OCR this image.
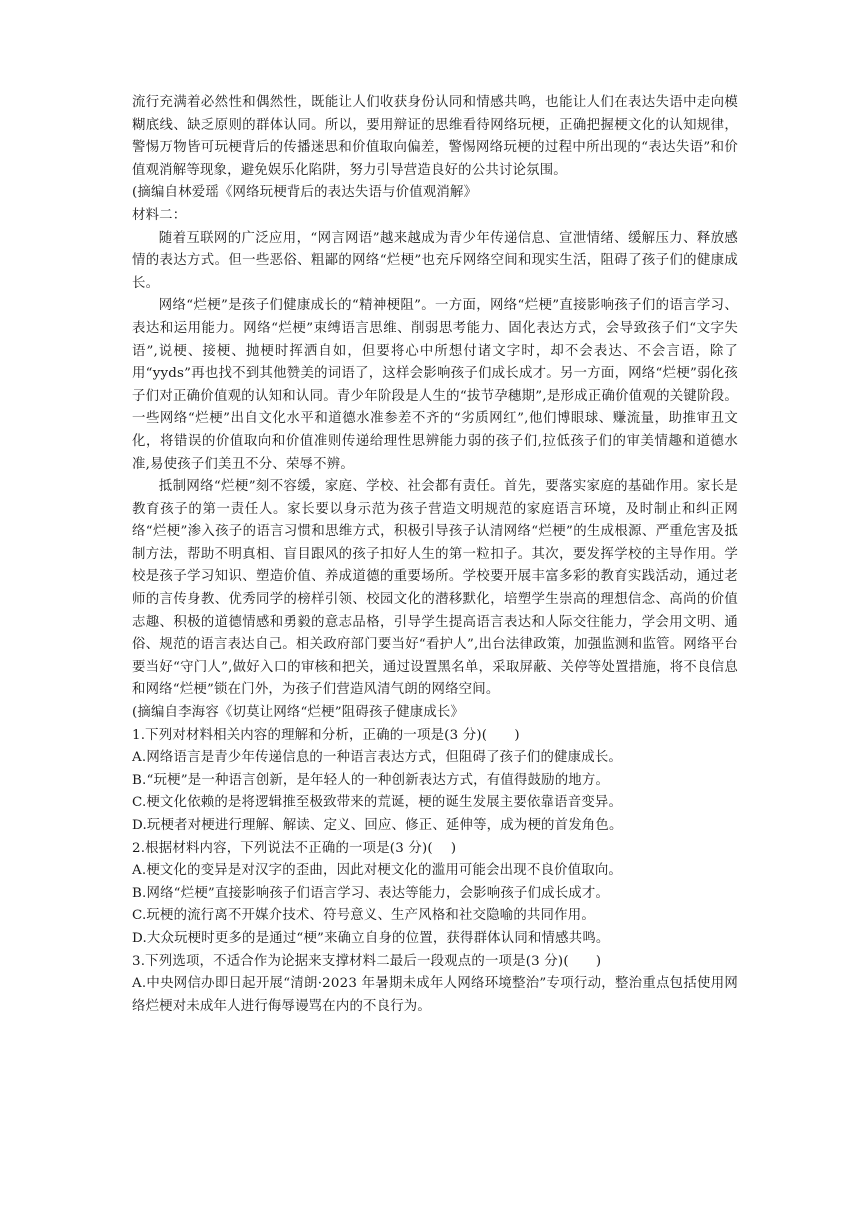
流行充满着必然性和偶然性，既能让人们收获身份认同和情感共鸣，也能让人们在表达失语中走向模糊底线、缺乏原则的群体认同。所以，要用辩证的思维看待网络玩梗，正确把握梗文化的认知规律，警惕万物皆可玩梗背后的传播迷思和价值取向偏差，警惕网络玩梗的过程中所出现的“表达失语”和价值观消解等现象，避免娱乐化陷阱，努力引导营造良好的公共讨论氛围。

(摘编自林爱瑶《网络玩梗背后的表达失语与价值观消解》

材料二：

随着互联网的广泛应用，“网言网语”越来越成为青少年传递信息、宣泄情绪、缓解压力、释放感情的表达方式。但一些恶俗、粗鄙的网络“烂梗”也充斥网络空间和现实生活，阻碍了孩子们的健康成长。

网络“烂梗”是孩子们健康成长的“精神梗阻”。一方面，网络“烂梗”直接影响孩子们的语言学习、表达和运用能力。网络“烂梗”束缚语言思维、削弱思考能力、固化表达方式，会导致孩子们“文字失语”,说梗、接梗、抛梗时挥洒自如，但要将心中所想付诸文字时，却不会表达、不会言语，除了用“yyds”再也找不到其他赞美的词语了，这样会影响孩子们成长成才。另一方面，网络“烂梗”弱化孩子们对正确价值观的认知和认同。青少年阶段是人生的“拔节孕穗期”,是形成正确价值观的关键阶段。一些网络“烂梗”出自文化水平和道德水准参差不齐的“劣质网红”,他们博眼球、赚流量，助推审丑文化，将错误的价值取向和价值准则传递给理性思辨能力弱的孩子们,拉低孩子们的审美情趣和道德水准,易使孩子们美丑不分、荣辱不辨。

抵制网络“烂梗”刻不容缓，家庭、学校、社会都有责任。首先，要落实家庭的基础作用。家长是教育孩子的第一责任人。家长要以身示范为孩子营造文明规范的家庭语言环境，及时制止和纠正网络“烂梗”渗入孩子的语言习惯和思维方式，积极引导孩子认清网络“烂梗”的生成根源、严重危害及抵制方法，帮助不明真相、盲目跟风的孩子扣好人生的第一粒扣子。其次，要发挥学校的主导作用。学校是孩子学习知识、塑造价值、养成道德的重要场所。学校要开展丰富多彩的教育实践活动，通过老师的言传身教、优秀同学的榜样引领、校园文化的潜移默化，培塑学生崇高的理想信念、高尚的价值志趣、积极的道德情感和勇毅的意志品格，引导学生提高语言表达和人际交往能力，学会用文明、通俗、规范的语言表达自己。相关政府部门要当好“看护人”,出台法律政策，加强监测和监管。网络平台要当好“守门人”,做好入口的审核和把关，通过设置黑名单，采取屏蔽、关停等处置措施，将不良信息和网络“烂梗”锁在门外，为孩子们营造风清气朗的网络空间。

(摘编自李海容《切莫让网络“烂梗”阻碍孩子健康成长》

1.下列对材料相关内容的理解和分析，正确的一项是(3 分)(　　)

A.网络语言是青少年传递信息的一种语言表达方式，但阻碍了孩子们的健康成长。

B.“玩梗”是一种语言创新，是年轻人的一种创新表达方式，有值得鼓励的地方。

C.梗文化依赖的是将逻辑推至极致带来的荒诞，梗的诞生发展主要依靠语音变异。

D.玩梗者对梗进行理解、解读、定义、回应、修正、延伸等，成为梗的首发角色。

2.根据材料内容，下列说法不正确的一项是(3 分)(　 )

A.梗文化的变异是对汉字的歪曲，因此对梗文化的滥用可能会出现不良价值取向。

B.网络“烂梗”直接影响孩子们语言学习、表达等能力，会影响孩子们成长成才。

C.玩梗的流行离不开媒介技术、符号意义、生产风格和社交隐喻的共同作用。

D.大众玩梗时更多的是通过“梗”来确立自身的位置，获得群体认同和情感共鸣。

3.下列选项，不适合作为论据来支撑材料二最后一段观点的一项是(3 分)(　　)

A.中央网信办即日起开展“清朗·2023 年暑期未成年人网络环境整治”专项行动，整治重点包括使用网络烂梗对未成年人进行侮辱谩骂在内的不良行为。
